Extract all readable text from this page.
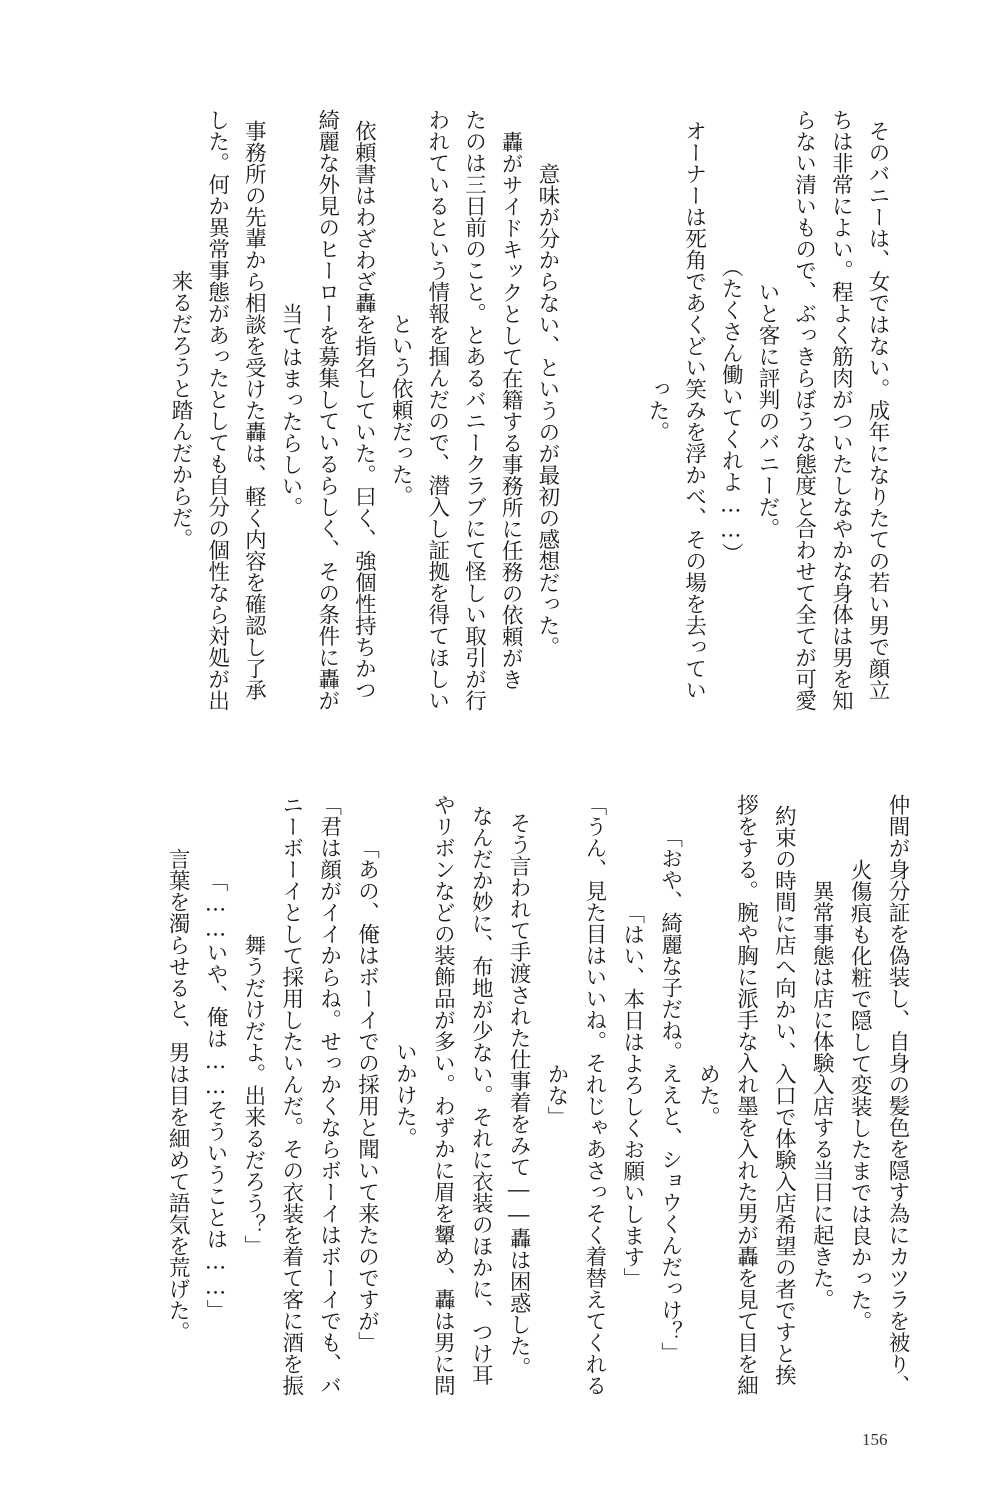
そのバニーは、女ではない。成年になりたての若い男で顔立
ちは非常によい。程よく筋肉がついたしなやかな身体は男を知
らない清いもので、ぶっきらぼうな態度と合わせて全てが可愛
いと客に評判のバニーだ。
（たくさん働いてくれよ……）
オーナーは死角であくどい笑みを浮かべ、その場を去ってい
った。
意味が分からない、というのが最初の感想だった。
轟がサイドキックとして在籍する事務所に任務の依頼がき
たのは三日前のこと。とあるバニークラブにて怪しい取引が行
われているという情報を掴んだので、潜入し証拠を得てほしい
という依頼だった。
依頼書はわざわざ轟を指名していた。曰く、強個性持ちかつ
綺麗な外見のヒーローを募集しているらしく、その条件に轟が
当てはまったらしい。
事務所の先輩から相談を受けた轟は、軽く内容を確認し了承
した。何か異常事態があったとしても自分の個性なら対処が出
来るだろうと踏んだからだ。
仲間が身分証を偽装し、自身の髪色を隠す為にカツラを被り、
火傷痕も化粧で隠して変装したまでは良かった。
異常事態は店に体験入店する当日に起きた。
約束の時間に店へ向かい、入口で体験入店希望の者ですと挨
拶をする。腕や胸に派手な入れ墨を入れた男が轟を見て目を細
めた。
「おや、綺麗な子だね。ええと、ショウくんだっけ？」
「はい、本日はよろしくお願いします」
「うん、見た目はいいね。それじゃあさっそく着替えてくれる
かな」
そう言われて手渡された仕事着をみて――轟は困惑した。
なんだか妙に、布地が少ない。それに衣装のほかに、つけ耳
やリボンなどの装飾品が多い。わずかに眉を顰め、轟は男に問
いかけた。
「あの、俺はボーイでの採用と聞いて来たのですが」
「君は顔がイイからね。せっかくならボーイはボーイでも、バ
ニーボーイとして採用したいんだ。その衣装を着て客に酒を振
舞うだけだよ。出来るだろう？」
「……いや、俺は……そういうことは……」
言葉を濁らせると、男は目を細めて語気を荒げた。
156
